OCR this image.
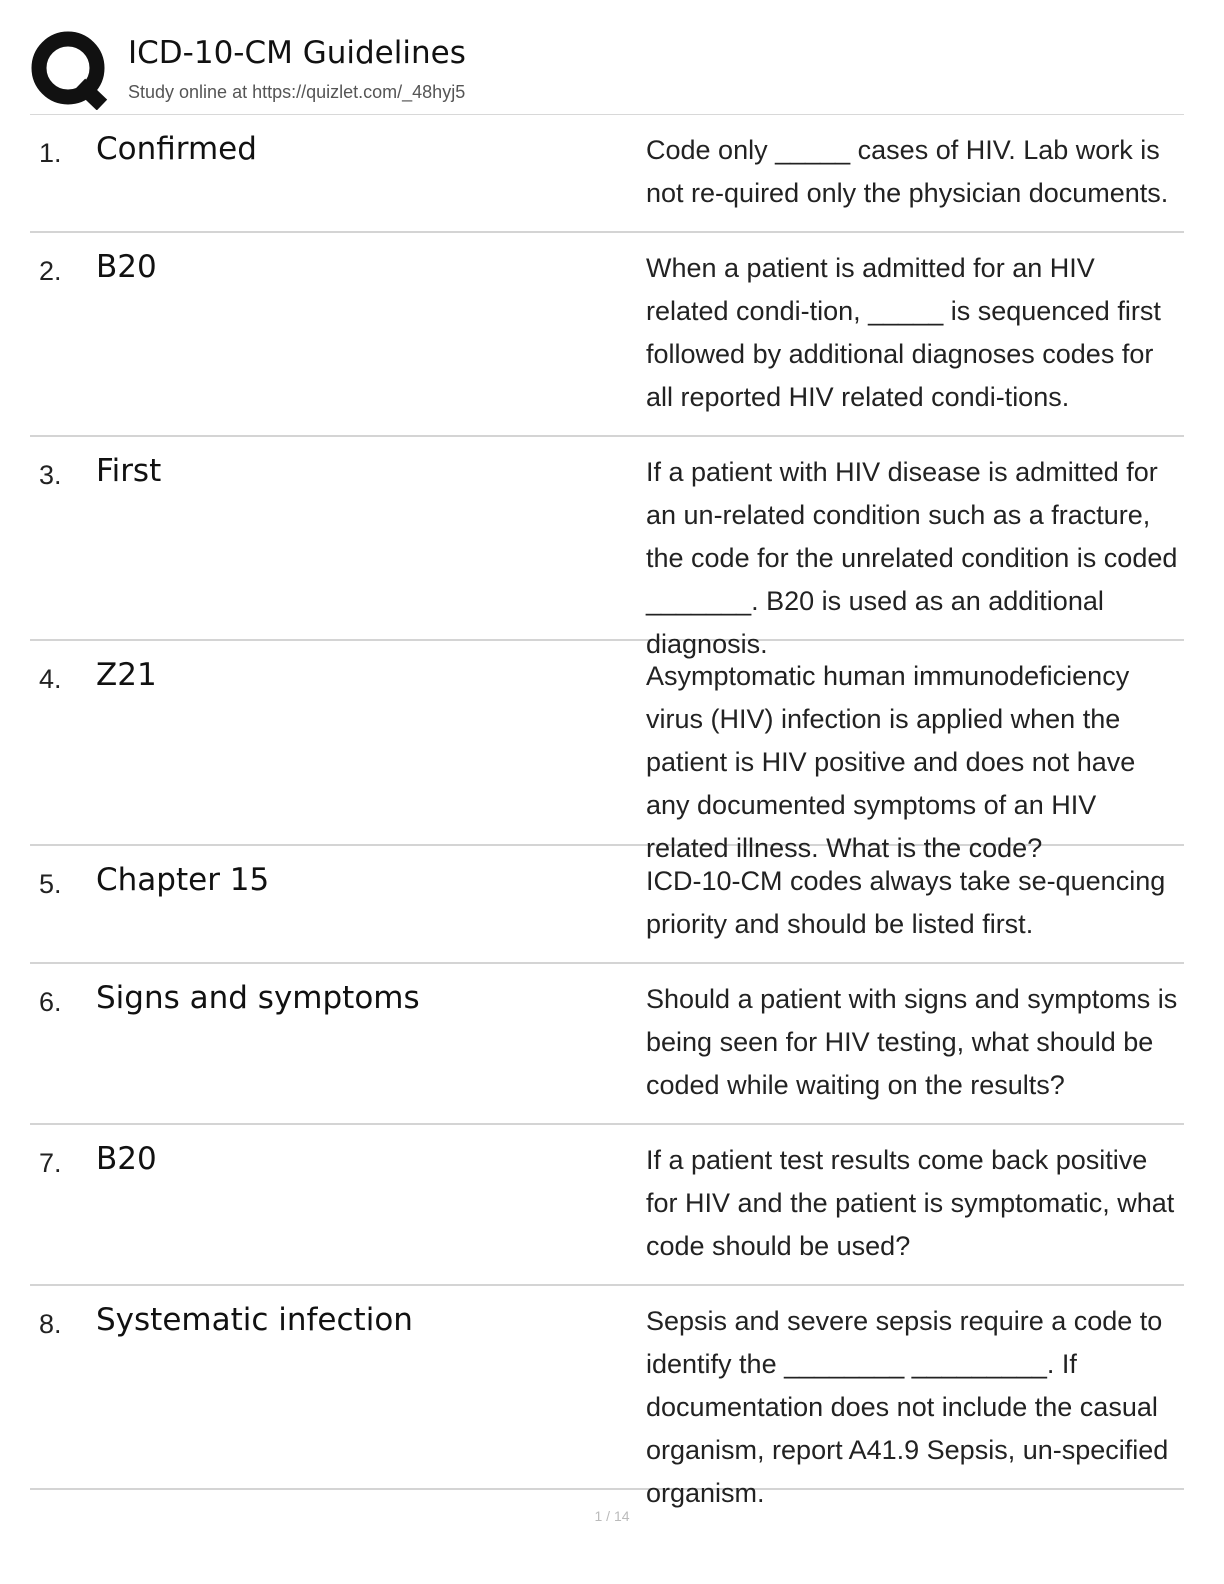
ICD-10-CM Guidelines
Study online at https://quizlet.com/_48hyj5
1. Confirmed	Code only _____ cases of HIV. Lab work is not re-quired only the physician documents.
2. B20	When a patient is admitted for an HIV related condi-tion, _____ is sequenced first followed by additional diagnoses codes for all reported HIV related condi-tions.
3. First	If a patient with HIV disease is admitted for an un-related condition such as a fracture, the code for the unrelated condition is coded _______. B20 is used as an additional diagnosis.
4. Z21	Asymptomatic human immunodeficiency virus (HIV) infection is applied when the patient is HIV positive and does not have any documented symptoms of an HIV related illness. What is the code?
5. Chapter 15	ICD-10-CM codes always take se-quencing priority and should be listed first.
6. Signs and symptoms	Should a patient with signs and symptoms is being seen for HIV testing, what should be coded while waiting on the results?
7. B20	If a patient test results come back positive for HIV and the patient is symptomatic, what code should be used?
8. Systematic infection	Sepsis and severe sepsis require a code to identify the ________ _________. If documentation does not include the casual organism, report A41.9 Sepsis, un-specified organism.
1 / 14
